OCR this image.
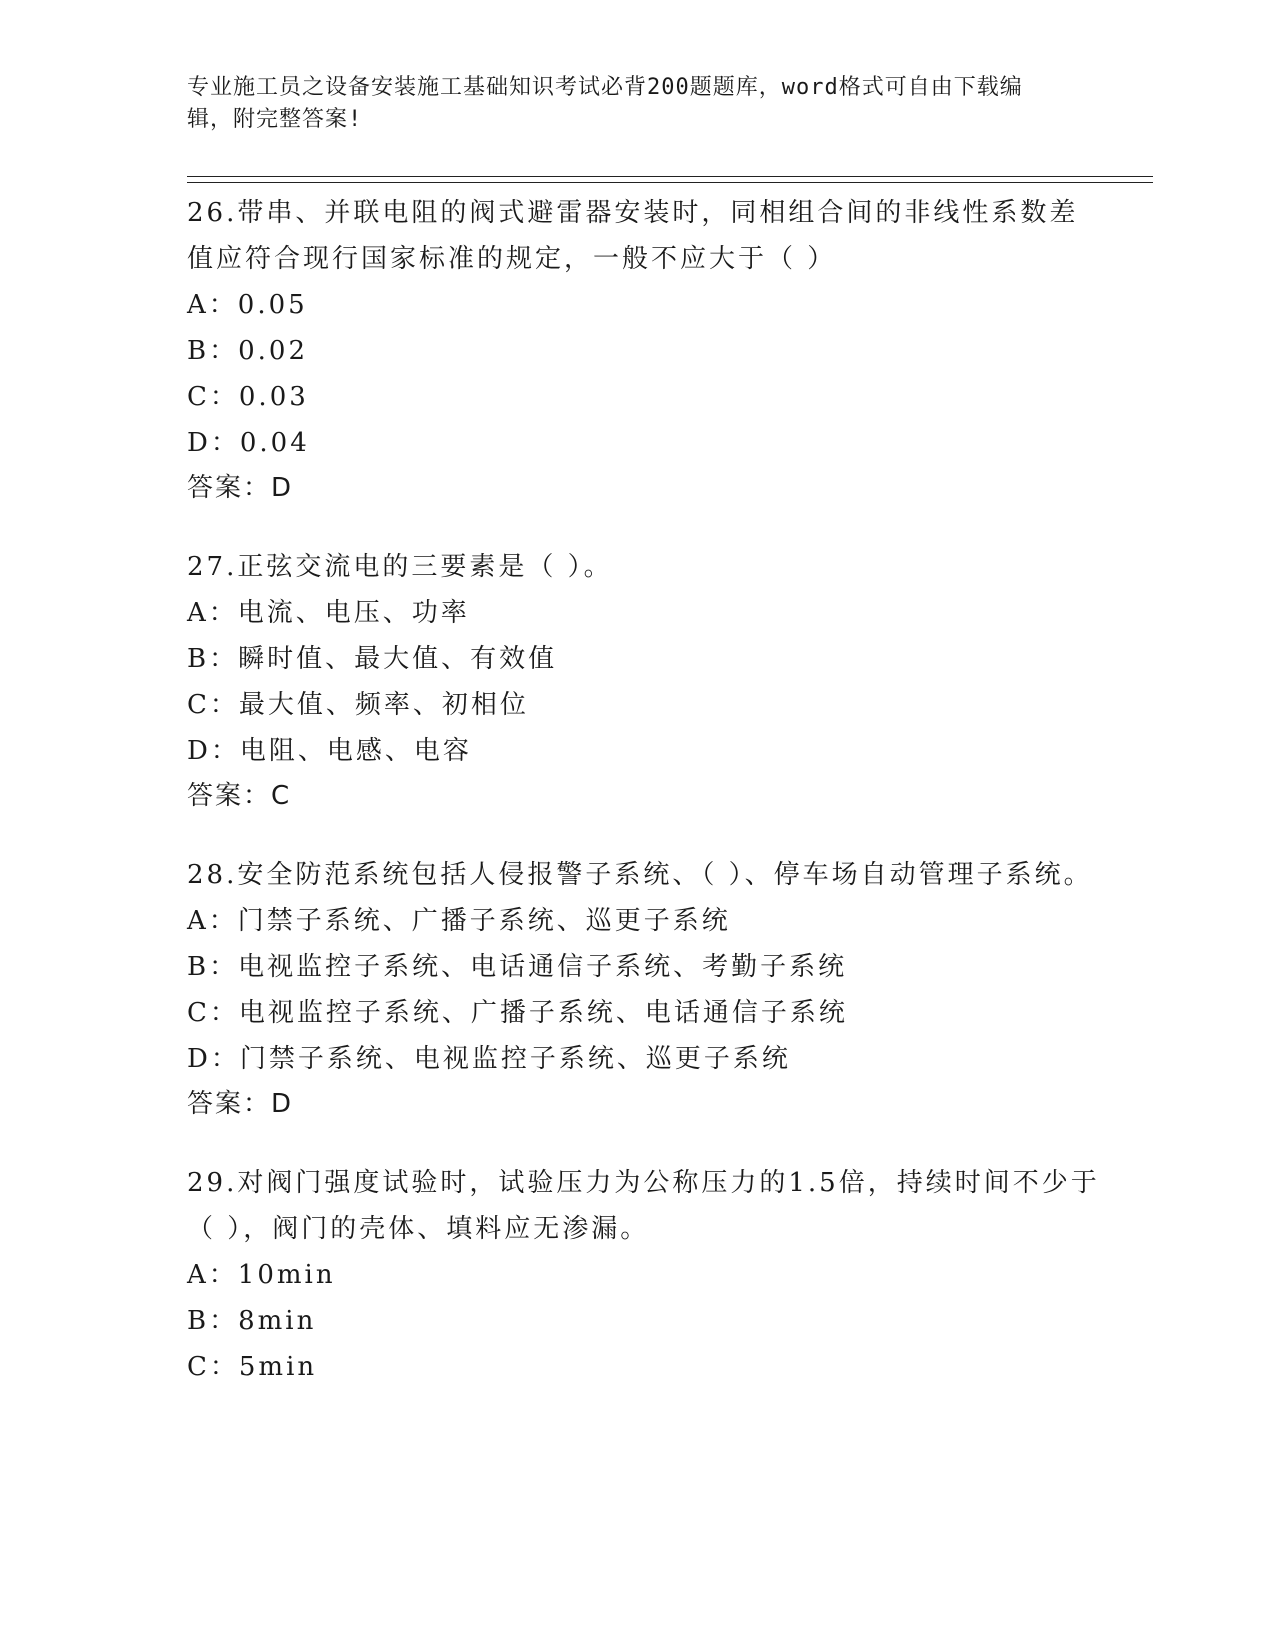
专业施工员之设备安装施工基础知识考试必背200题题库，word格式可自由下载编辑，附完整答案!
26.带串、并联电阻的阀式避雷器安装时，同相组合间的非线性系数差值应符合现行国家标准的规定，一般不应大于（ ）
A：0.05
B：0.02
C：0.03
D：0.04
答案：D
27.正弦交流电的三要素是（ ）。
A：电流、电压、功率
B：瞬时值、最大值、有效值
C：最大值、频率、初相位
D：电阻、电感、电容
答案：C
28.安全防范系统包括人侵报警子系统、（ ）、停车场自动管理子系统。
A：门禁子系统、广播子系统、巡更子系统
B：电视监控子系统、电话通信子系统、考勤子系统
C：电视监控子系统、广播子系统、电话通信子系统
D：门禁子系统、电视监控子系统、巡更子系统
答案：D
29.对阀门强度试验时，试验压力为公称压力的1.5倍，持续时间不少于（ ），阀门的壳体、填料应无渗漏。
A：10min
B：8min
C：5min
